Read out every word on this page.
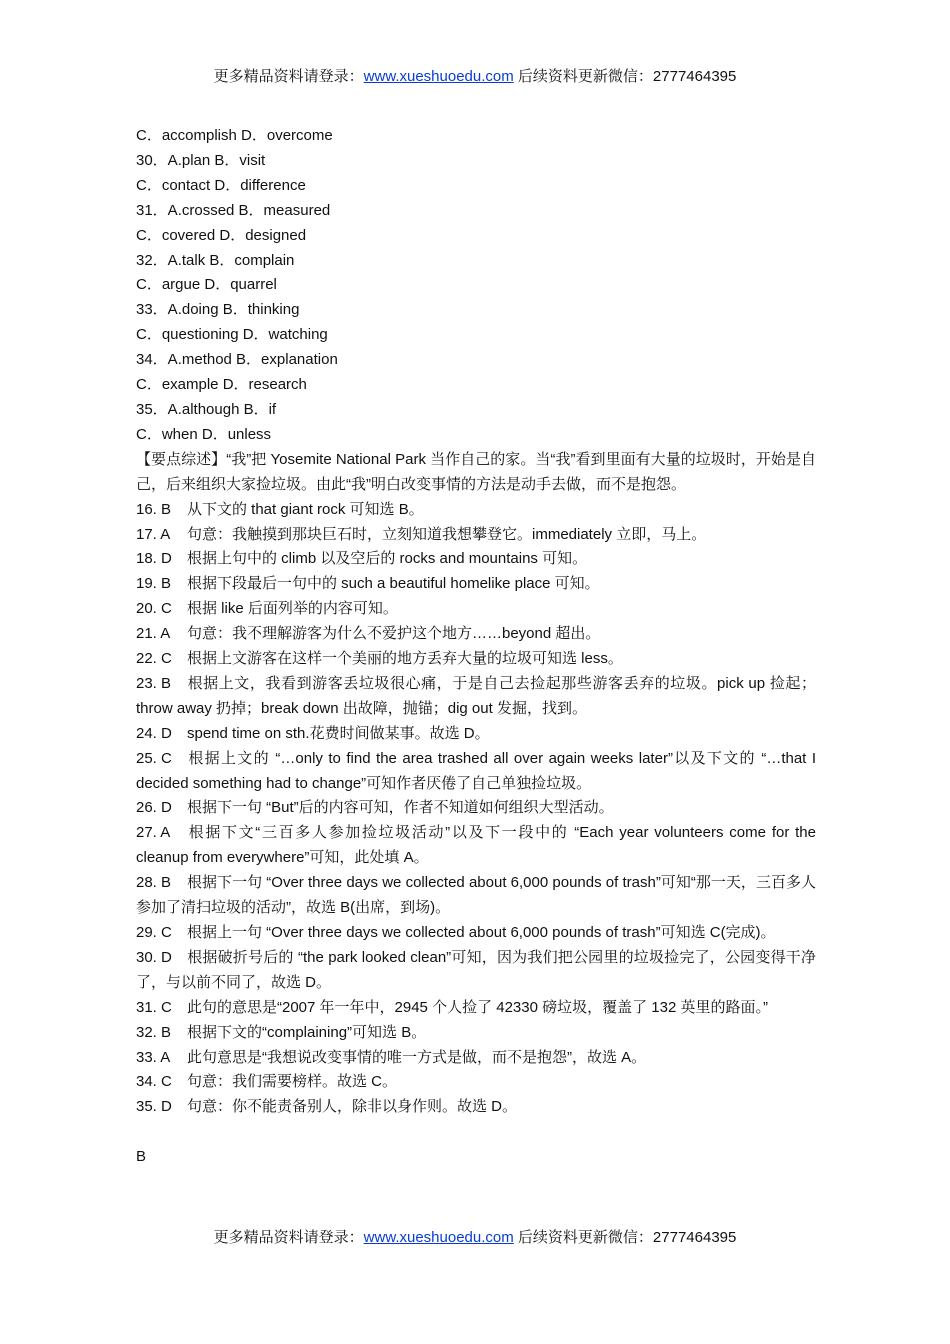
更多精品资料请登录：www.xueshuoedu.com 后续资料更新微信：2777464395
C．accomplish D．overcome
30．A.plan B．visit
C．contact D．difference
31．A.crossed B．measured
C．covered D．designed
32．A.talk B．complain
C．argue D．quarrel
33．A.doing B．thinking
C．questioning D．watching
34．A.method B．explanation
C．example D．research
35．A.although B．if
C．when D．unless
【要点综述】“我”把 Yosemite National Park 当作自己的家。当“我”看到里面有大量的垃圾时，开始是自己，后来组织大家捡垃圾。由此“我”明白改变事情的方法是动手去做，而不是抱怨。
16. B 从下文的 that giant rock 可知选 B。
17. A 句意：我触摸到那块巨石时，立刻知道我想攀登它。immediately 立即，马上。
18. D 根据上句中的 climb 以及空后的 rocks and mountains 可知。
19. B 根据下段最后一句中的 such a beautiful homelike place 可知。
20. C 根据 like 后面列举的内容可知。
21. A 句意：我不理解游客为什么不爱护这个地方……beyond 超出。
22. C 根据上文游客在这样一个美丽的地方丢弃大量的垃圾可知选 less。
23. B 根据上文，我看到游客丢垃圾很心痛，于是自己去捡起那些游客丢弃的垃圾。pick up 捡起；throw away 扔掉；break down 出故障，抛锚；dig out 发掘，找到。
24. D spend time on sth.花费时间做某事。故选 D。
25. C 根据上文的 “…only to find the area trashed all over again weeks later”以及下文的 “…that I decided something had to change”可知作者厌倦了自己单独捡垃圾。
26. D 根据下一句 “But”后的内容可知，作者不知道如何组织大型活动。
27. A 根据下文“三百多人参加捡垃圾活动”以及下一段中的 “Each year volunteers come for the cleanup from everywhere”可知，此处填 A。
28. B 根据下一句 “Over three days we collected about 6,000 pounds of trash”可知“那一天，三百多人参加了清扫垃圾的活动”，故选 B(出席，到场)。
29. C 根据上一句 “Over three days we collected about 6,000 pounds of trash”可知选 C(完成)。
30. D 根据破折号后的 “the park looked clean”可知，因为我们把公园里的垃圾捡完了，公园变得干净了，与以前不同了，故选 D。
31. C 此句的意思是“2007 年一年中，2945 个人捡了 42330 磅垃圾，覆盖了 132 英里的路面。”
32. B 根据下文的“complaining”可知选 B。
33. A 此句意思是“我想说改变事情的唯一方式是做，而不是抱怨”，故选 A。
34. C 句意：我们需要榜样。故选 C。
35. D 句意：你不能责备别人，除非以身作则。故选 D。
B
更多精品资料请登录：www.xueshuoedu.com 后续资料更新微信：2777464395
